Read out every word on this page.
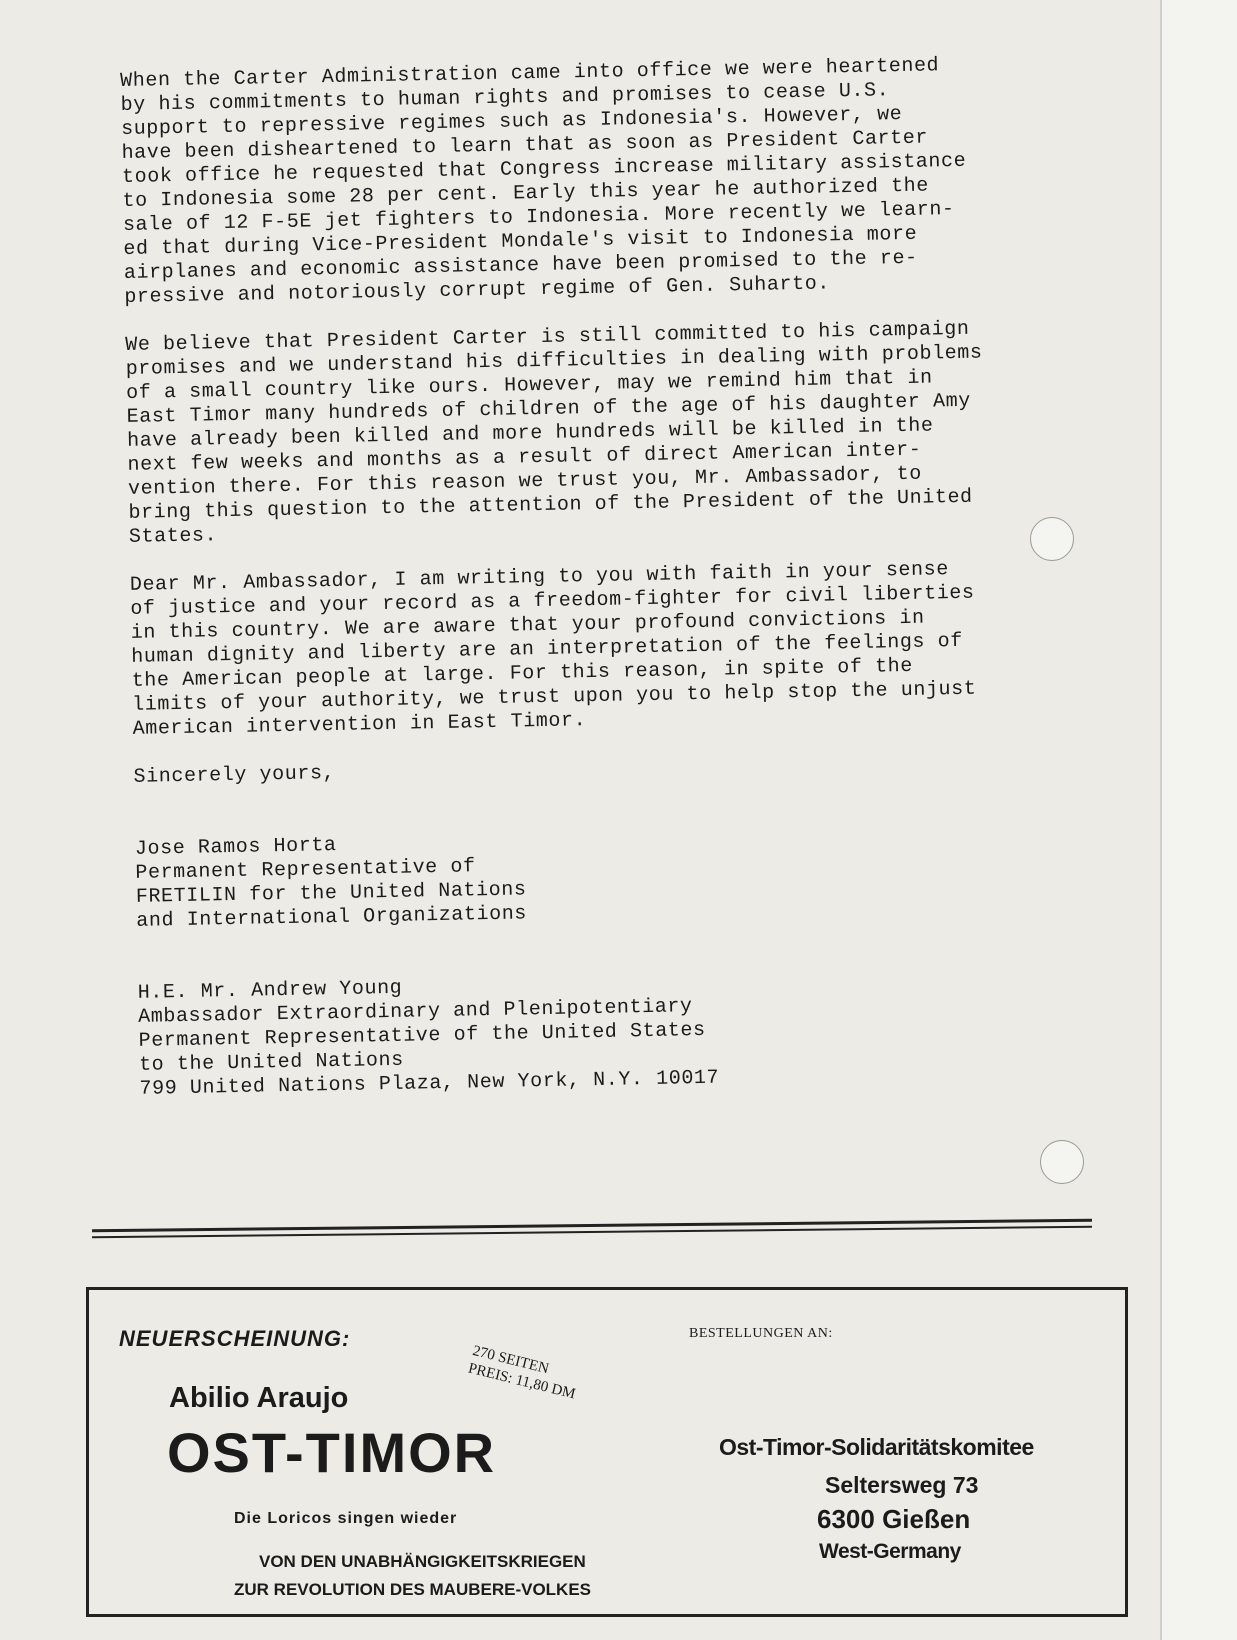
When the Carter Administration came into office we were heartened
by his commitments to human rights and promises to cease U.S.
support to repressive regimes such as Indonesia's. However, we
have been disheartened to learn that as soon as President Carter
took office he requested that Congress increase military assistance
to Indonesia some 28 per cent. Early this year he authorized the
sale of 12 F-5E jet fighters to Indonesia. More recently we learn-
ed that during Vice-President Mondale's visit to Indonesia more
airplanes and economic assistance have been promised to the re-
pressive and notoriously corrupt regime of Gen. Suharto.

We believe that President Carter is still committed to his campaign
promises and we understand his difficulties in dealing with problems
of a small country like ours. However, may we remind him that in
East Timor many hundreds of children of the age of his daughter Amy
have already been killed and more hundreds will be killed in the
next few weeks and months as a result of direct American inter-
vention there. For this reason we trust you, Mr. Ambassador, to
bring this question to the attention of the President of the United
States.

Dear Mr. Ambassador, I am writing to you with faith in your sense
of justice and your record as a freedom-fighter for civil liberties
in this country. We are aware that your profound convictions in
human dignity and liberty are an interpretation of the feelings of
the American people at large. For this reason, in spite of the
limits of your authority, we trust upon you to help stop the unjust
American intervention in East Timor.

Sincerely yours,

Jose Ramos Horta
Permanent Representative of
FRETILIN for the United Nations
and International Organizations
H.E. Mr. Andrew Young
Ambassador Extraordinary and Plenipotentiary
Permanent Representative of the United States
to the United Nations
799 United Nations Plaza, New York, N.Y. 10017
NEUERSCHEINUNG:
270 SEITEN
PREIS: 11,80 DM
BESTELLUNGEN AN:
Abilio Araujo
OST-TIMOR
Die Loricos singen wieder
VON DEN UNABHÄNGIGKEITSKRIEGEN
ZUR REVOLUTION DES MAUBERE-VOLKES
Ost-Timor-Solidaritätskomitee
Seltersweg 73
6300 Gießen
West-Germany
